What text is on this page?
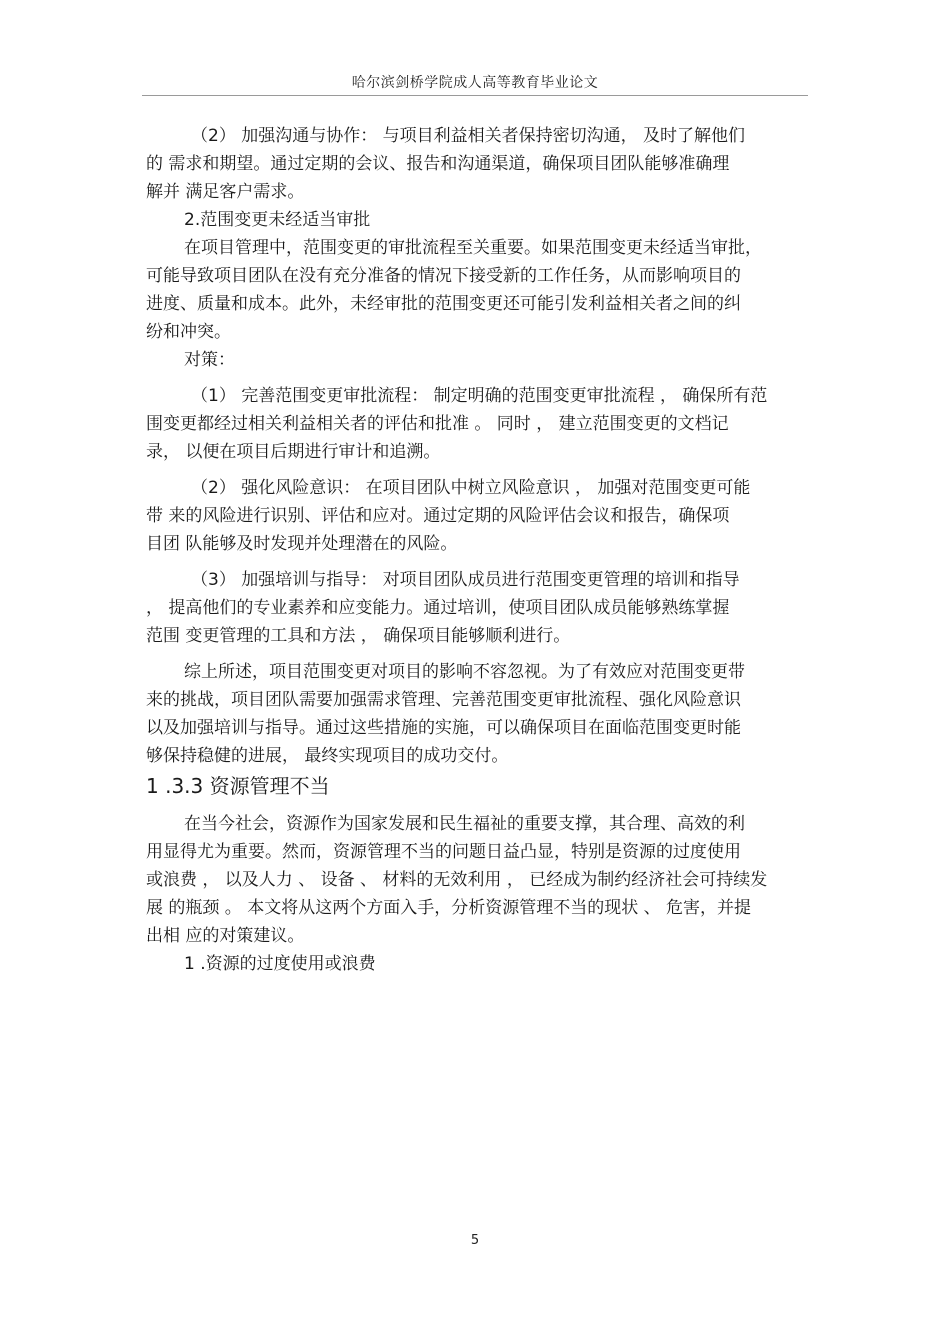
哈尔滨剑桥学院成人高等教育毕业论文
（2） 加强沟通与协作： 与项目利益相关者保持密切沟通， 及时了解他们
的 需求和期望。通过定期的会议、报告和沟通渠道，确保项目团队能够准确理
解并 满足客户需求。
2.范围变更未经适当审批
在项目管理中，范围变更的审批流程至关重要。如果范围变更未经适当审批，
可能导致项目团队在没有充分准备的情况下接受新的工作任务，从而影响项目的
进度、质量和成本。此外，未经审批的范围变更还可能引发利益相关者之间的纠
纷和冲突。
对策：
（1） 完善范围变更审批流程： 制定明确的范围变更审批流程 ， 确保所有范
围变更都经过相关利益相关者的评估和批准 。 同时 ， 建立范围变更的文档记
录， 以便在项目后期进行审计和追溯。
（2） 强化风险意识： 在项目团队中树立风险意识 ， 加强对范围变更可能
带 来的风险进行识别、评估和应对。通过定期的风险评估会议和报告，确保项
目团 队能够及时发现并处理潜在的风险。
（3） 加强培训与指导： 对项目团队成员进行范围变更管理的培训和指导
， 提高他们的专业素养和应变能力。通过培训，使项目团队成员能够熟练掌握
范围 变更管理的工具和方法 ， 确保项目能够顺利进行。
综上所述，项目范围变更对项目的影响不容忽视。为了有效应对范围变更带
来的挑战，项目团队需要加强需求管理、完善范围变更审批流程、强化风险意识
以及加强培训与指导。通过这些措施的实施，可以确保项目在面临范围变更时能
够保持稳健的进展， 最终实现项目的成功交付。
1 .3.3 资源管理不当
在当今社会，资源作为国家发展和民生福祉的重要支撑，其合理、高效的利
用显得尤为重要。然而，资源管理不当的问题日益凸显，特别是资源的过度使用
或浪费 ， 以及人力 、 设备 、 材料的无效利用 ， 已经成为制约经济社会可持续发
展 的瓶颈 。 本文将从这两个方面入手，分析资源管理不当的现状 、 危害，并提
出相 应的对策建议。
1 .资源的过度使用或浪费
5
